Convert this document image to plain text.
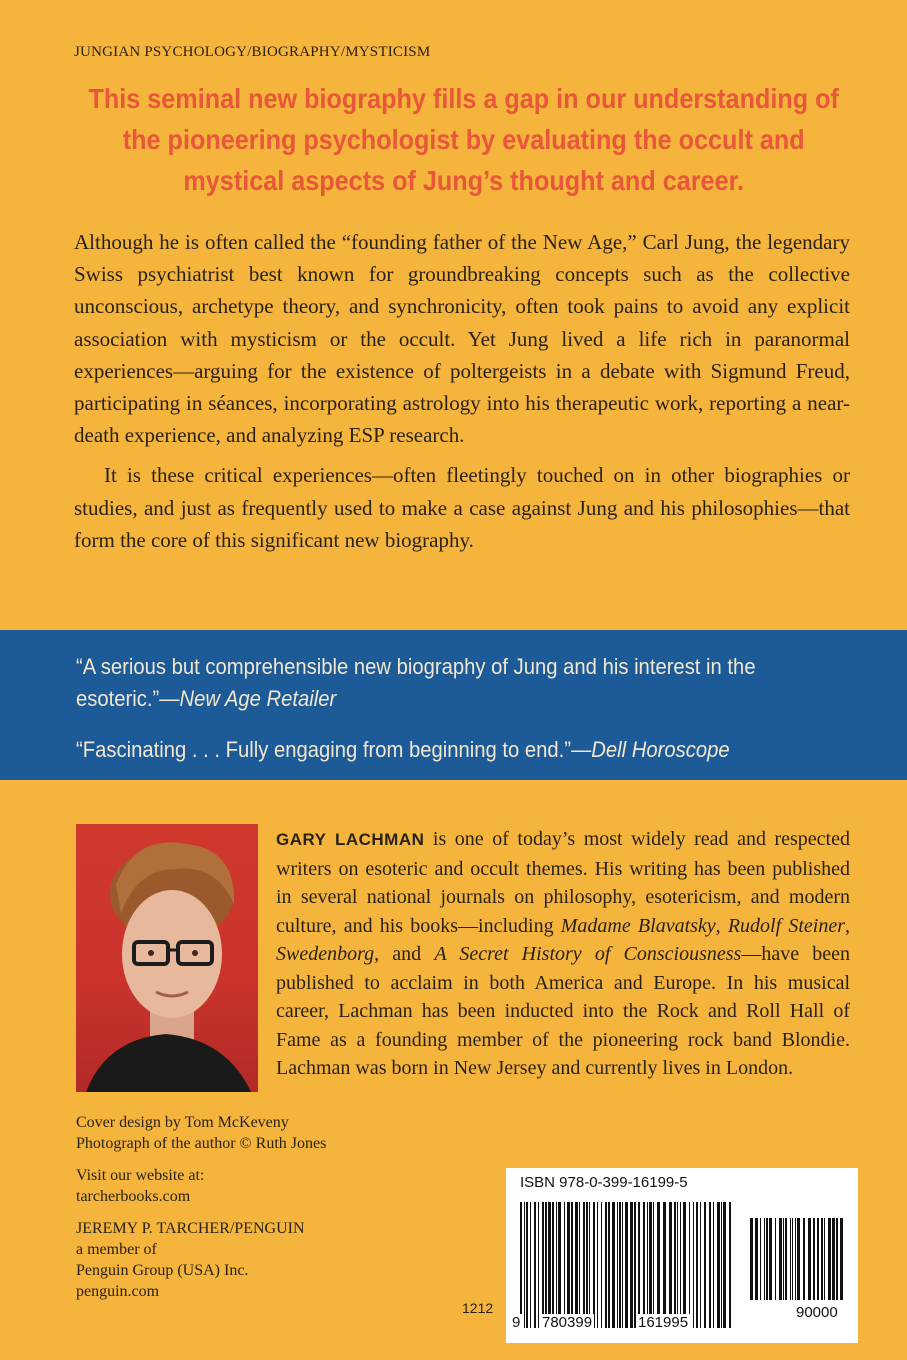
JUNGIAN PSYCHOLOGY/BIOGRAPHY/MYSTICISM
This seminal new biography fills a gap in our understanding of the pioneering psychologist by evaluating the occult and mystical aspects of Jung’s thought and career.

Although he is often called the “founding father of the New Age,” Carl Jung, the legendary Swiss psychiatrist best known for groundbreaking concepts such as the collective unconscious, archetype theory, and synchronicity, often took pains to avoid any explicit association with mysticism or the occult. Yet Jung lived a life rich in paranormal experiences—arguing for the existence of poltergeists in a debate with Sigmund Freud, participating in séances, incorporating astrology into his therapeutic work, reporting a near-death experience, and analyzing ESP research.

It is these critical experiences—often fleetingly touched on in other biographies or studies, and just as frequently used to make a case against Jung and his philosophies—that form the core of this significant new biography.

“A serious but comprehensible new biography of Jung and his interest in the esoteric.”—New Age Retailer
“Fascinating . . . Fully engaging from beginning to end.”—Dell Horoscope
GARY LACHMAN is one of today’s most widely read and respected writers on esoteric and occult themes. His writing has been published in several national journals on philosophy, esotericism, and modern culture, and his books—including Madame Blavatsky, Rudolf Steiner, Swedenborg, and A Secret History of Consciousness—have been published to acclaim in both America and Europe. In his musical career, Lachman has been inducted into the Rock and Roll Hall of Fame as a founding member of the pioneering rock band Blondie. Lachman was born in New Jersey and currently lives in London.
Cover design by Tom McKeveny
Photograph of the author © Ruth Jones
Visit our website at:
tarcherbooks.com
JEREMY P. TARCHER/PENGUIN
a member of
Penguin Group (USA) Inc.
penguin.com
1212
ISBN 978-0-399-16199-5
9 780399	161995
90000
